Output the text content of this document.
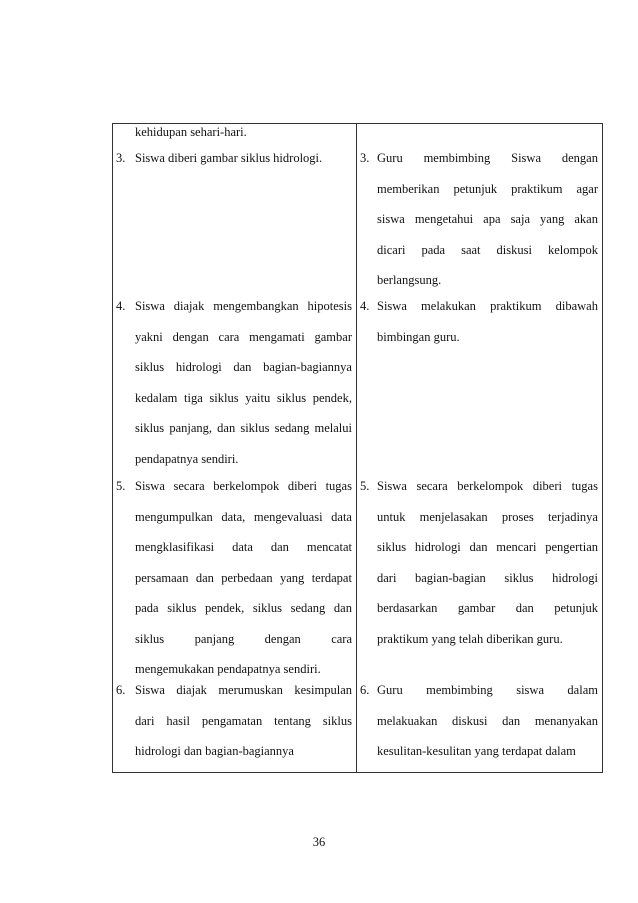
kehidupan sehari-hari.
3. Siswa diberi gambar siklus hidrologi.
4. Siswa diajak mengembangkan hipotesis
yakni dengan cara mengamati gambar
siklus hidrologi dan bagian-bagiannya
kedalam tiga siklus yaitu siklus pendek,
siklus panjang, dan siklus sedang melalui
pendapatnya sendiri.
5. Siswa secara berkelompok diberi tugas
mengumpulkan data, mengevaluasi data
mengklasifikasi data dan mencatat
persamaan dan perbedaan yang terdapat
pada siklus pendek, siklus sedang dan
siklus panjang dengan cara
mengemukakan pendapatnya sendiri.
6. Siswa diajak merumuskan kesimpulan
dari hasil pengamatan tentang siklus
hidrologi dan bagian-bagiannya
3. Guru membimbing Siswa dengan
memberikan petunjuk praktikum agar
siswa mengetahui apa saja yang akan
dicari pada saat diskusi kelompok
berlangsung.
4. Siswa melakukan praktikum dibawah
bimbingan guru.
5. Siswa secara berkelompok diberi tugas
untuk menjelasakan proses terjadinya
siklus hidrologi dan mencari pengertian
dari bagian-bagian siklus hidrologi
berdasarkan gambar dan petunjuk
praktikum yang telah diberikan guru.
6. Guru membimbing siswa dalam
melakuakan diskusi dan menanyakan
kesulitan-kesulitan yang terdapat dalam
36
